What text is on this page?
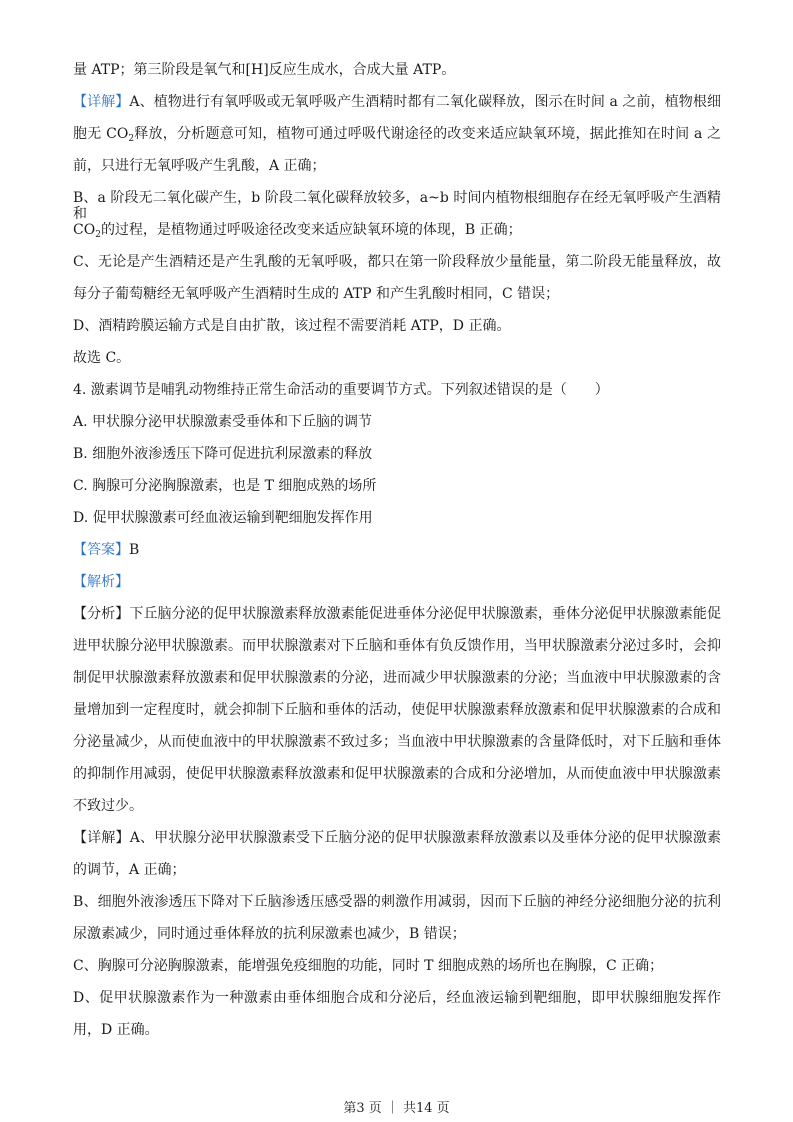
量 ATP；第三阶段是氧气和[H]反应生成水，合成大量 ATP。
【详解】A、植物进行有氧呼吸或无氧呼吸产生酒精时都有二氧化碳释放，图示在时间 a 之前，植物根细
胞无 $CO_2$释放，分析题意可知，植物可通过呼吸代谢途径的改变来适应缺氧环境，据此推知在时间 a 之
前，只进行无氧呼吸产生乳酸，A 正确；
B、a 阶段无二氧化碳产生，b 阶段二氧化碳释放较多，a~b 时间内植物根细胞存在经无氧呼吸产生酒精和
$CO_2$的过程，是植物通过呼吸途径改变来适应缺氧环境的体现，B 正确；
C、无论是产生酒精还是产生乳酸的无氧呼吸，都只在第一阶段释放少量能量，第二阶段无能量释放，故
每分子葡萄糖经无氧呼吸产生酒精时生成的 ATP 和产生乳酸时相同，C 错误；
D、酒精跨膜运输方式是自由扩散，该过程不需要消耗 ATP，D 正确。
故选 C。
4. 激素调节是哺乳动物维持正常生命活动的重要调节方式。下列叙述错误的是（　　）
A. 甲状腺分泌甲状腺激素受垂体和下丘脑的调节
B. 细胞外液渗透压下降可促进抗利尿激素的释放
C. 胸腺可分泌胸腺激素，也是 T 细胞成熟的场所
D. 促甲状腺激素可经血液运输到靶细胞发挥作用
【答案】B
【解析】
【分析】下丘脑分泌的促甲状腺激素释放激素能促进垂体分泌促甲状腺激素，垂体分泌促甲状腺激素能促
进甲状腺分泌甲状腺激素。而甲状腺激素对下丘脑和垂体有负反馈作用，当甲状腺激素分泌过多时，会抑
制促甲状腺激素释放激素和促甲状腺激素的分泌，进而减少甲状腺激素的分泌；当血液中甲状腺激素的含
量增加到一定程度时，就会抑制下丘脑和垂体的活动，使促甲状腺激素释放激素和促甲状腺激素的合成和
分泌量减少，从而使血液中的甲状腺激素不致过多；当血液中甲状腺激素的含量降低时，对下丘脑和垂体
的抑制作用减弱，使促甲状腺激素释放激素和促甲状腺激素的合成和分泌增加，从而使血液中甲状腺激素
不致过少。
【详解】A、甲状腺分泌甲状腺激素受下丘脑分泌的促甲状腺激素释放激素以及垂体分泌的促甲状腺激素
的调节，A 正确；
B、细胞外液渗透压下降对下丘脑渗透压感受器的刺激作用减弱，因而下丘脑的神经分泌细胞分泌的抗利
尿激素减少，同时通过垂体释放的抗利尿激素也减少，B 错误；
C、胸腺可分泌胸腺激素，能增强免疫细胞的功能，同时 T 细胞成熟的场所也在胸腺，C 正确；
D、促甲状腺激素作为一种激素由垂体细胞合成和分泌后，经血液运输到靶细胞，即甲状腺细胞发挥作
用，D 正确。
第3 页 ｜ 共14 页
